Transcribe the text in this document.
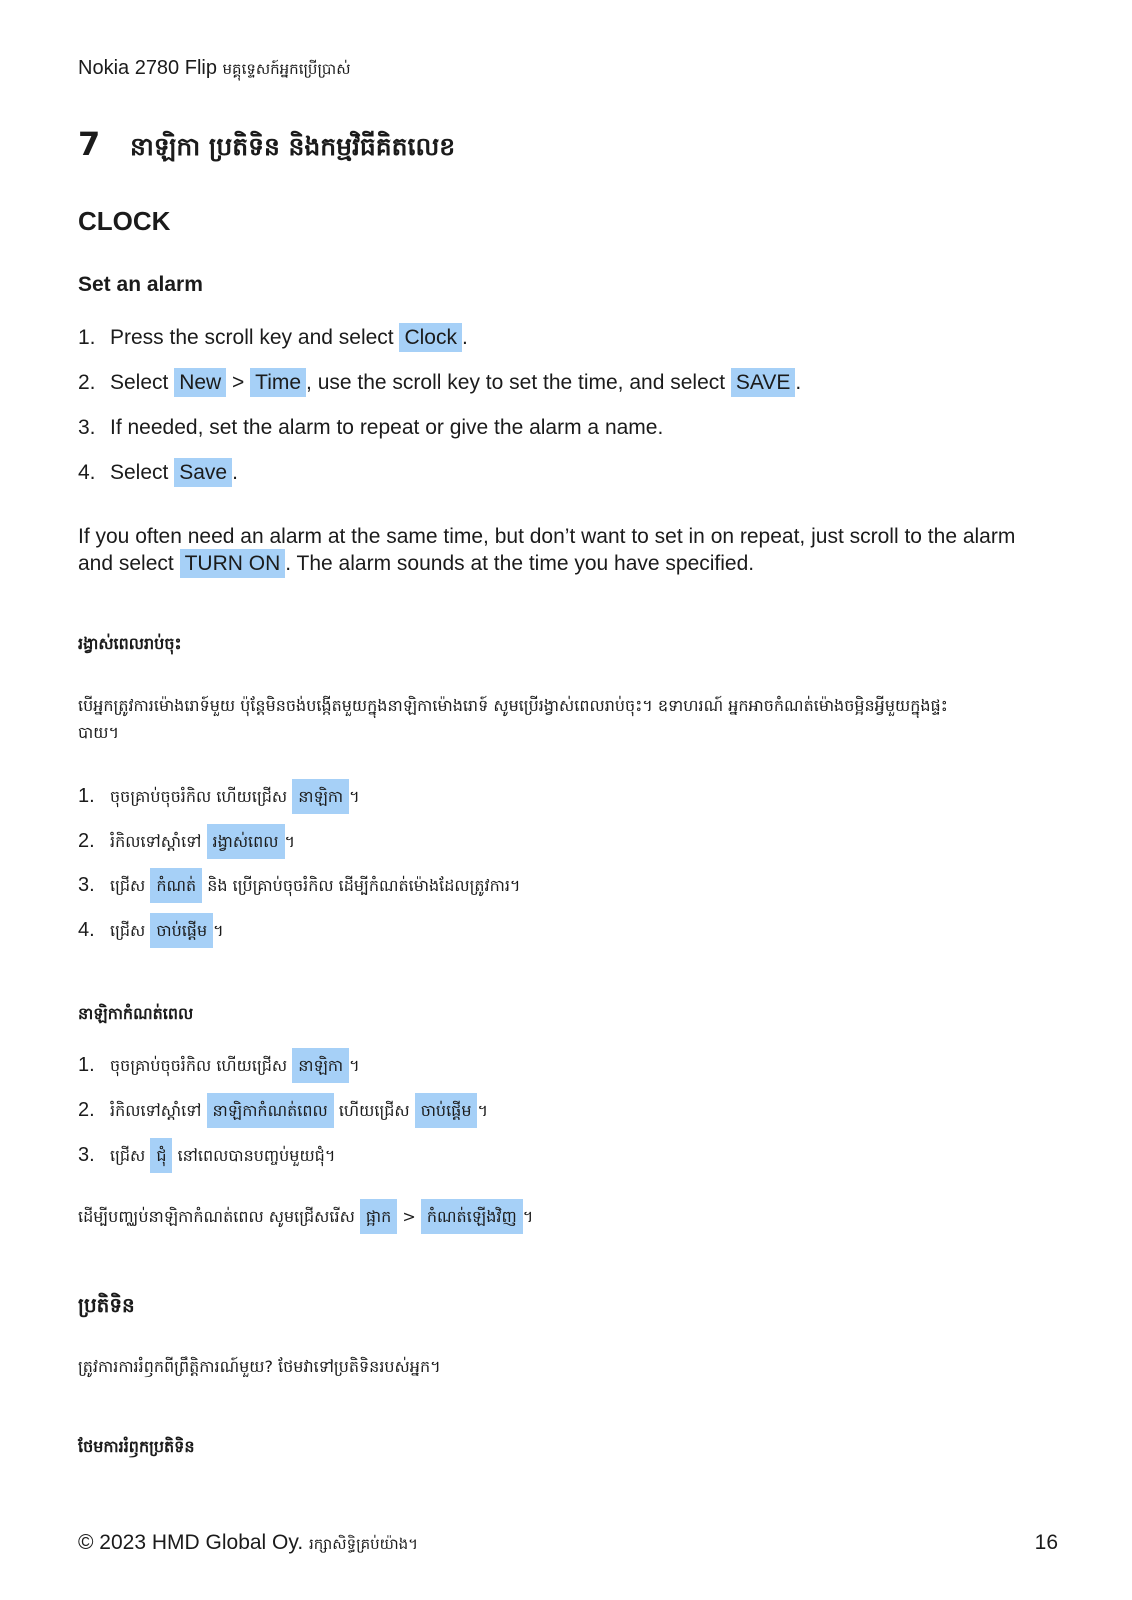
Nokia 2780 Flip មគ្គុទ្ទេសក៍អ្នកប្រើប្រាស់
7 នាឡិកា ប្រតិទិន និងកម្មវិធីគិតលេខ
CLOCK
Set an alarm
1. Press the scroll key and select Clock .
2. Select New > Time , use the scroll key to set the time, and select SAVE .
3. If needed, set the alarm to repeat or give the alarm a name.
4. Select Save .
If you often need an alarm at the same time, but don’t want to set in on repeat, just scroll to the alarm and select TURN ON . The alarm sounds at the time you have specified.
រង្វាស់ពេលរាប់ចុះ
បើអ្នកត្រូវការម៉ោងរោទ៍មួយ ប៉ុន្តែមិនចង់បង្កើតមួយក្នុងនាឡិកាម៉ោងរោទ៍ សូមប្រើរង្វាស់ពេលរាប់ចុះ។ ឧទាហរណ៍ អ្នកអាចកំណត់ម៉ោងចម្អិនអ្វីមួយក្នុងផ្ទះបាយ។
1. ចុចគ្រាប់ចុចរំកិល ហើយជ្រើស នាឡិកា ។
2. រំកិលទៅស្ដាំទៅ រង្វាស់ពេល ។
3. ជ្រើស កំណត់ និង ប្រើគ្រាប់ចុចរំកិល ដើម្បីកំណត់ម៉ោងដែលត្រូវការ។
4. ជ្រើស ចាប់ផ្ដើម ។
នាឡិកាកំណត់ពេល
1. ចុចគ្រាប់ចុចរំកិល ហើយជ្រើស នាឡិកា ។
2. រំកិលទៅស្ដាំទៅ នាឡិកាកំណត់ពេល ហើយជ្រើស ចាប់ផ្ដើម ។
3. ជ្រើស ជុំ នៅពេលបានបញ្ចប់មួយជុំ។
ដើម្បីបញ្ឈប់នាឡិកាកំណត់ពេល សូមជ្រើសរើស ផ្អាក > កំណត់ឡើងវិញ ។
ប្រតិទិន
ត្រូវការការរំឭកពីព្រឹត្តិការណ៍មួយ? ថែមវាទៅប្រតិទិនរបស់អ្នក។
ថែមការរំឭកប្រតិទិន
© 2023 HMD Global Oy. រក្សាសិទ្ធិគ្រប់យ៉ាង។	16
